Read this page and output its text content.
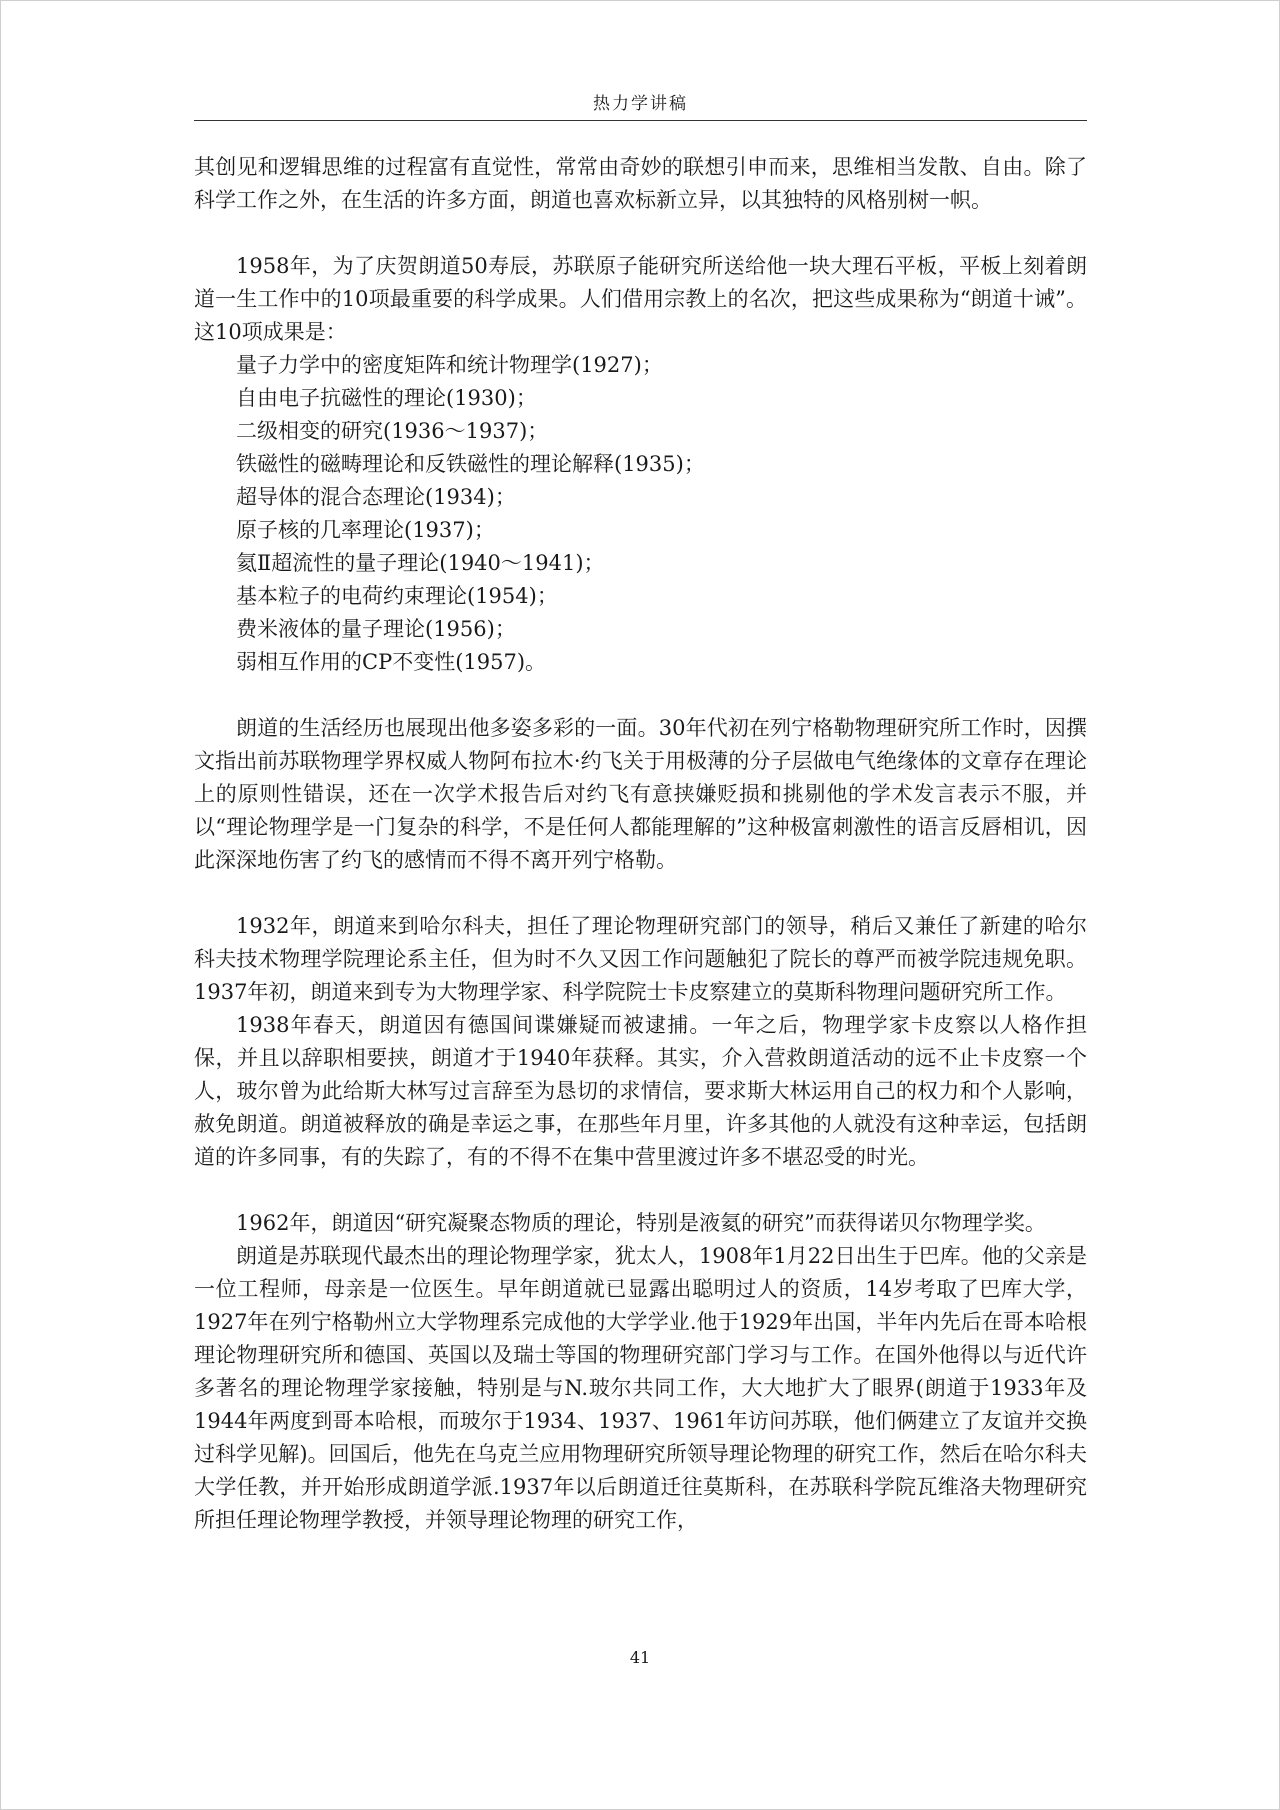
热力学讲稿

其创见和逻辑思维的过程富有直觉性，常常由奇妙的联想引申而来，思维相当发散、自由。除了科学工作之外，在生活的许多方面，朗道也喜欢标新立异，以其独特的风格别树一帜。

1958年，为了庆贺朗道50寿辰，苏联原子能研究所送给他一块大理石平板，平板上刻着朗道一生工作中的10项最重要的科学成果。人们借用宗教上的名次，把这些成果称为“朗道十诫”。这10项成果是：

量子力学中的密度矩阵和统计物理学(1927)；
自由电子抗磁性的理论(1930)；
二级相变的研究(1936～1937)；
铁磁性的磁畴理论和反铁磁性的理论解释(1935)；
超导体的混合态理论(1934)；
原子核的几率理论(1937)；
氦Ⅱ超流性的量子理论(1940～1941)；
基本粒子的电荷约束理论(1954)；
费米液体的量子理论(1956)；
弱相互作用的CP不变性(1957)。

朗道的生活经历也展现出他多姿多彩的一面。30年代初在列宁格勒物理研究所工作时，因撰文指出前苏联物理学界权威人物阿布拉木·约飞关于用极薄的分子层做电气绝缘体的文章存在理论上的原则性错误，还在一次学术报告后对约飞有意挟嫌贬损和挑剔他的学术发言表示不服，并以“理论物理学是一门复杂的科学，不是任何人都能理解的”这种极富刺激性的语言反唇相讥，因此深深地伤害了约飞的感情而不得不离开列宁格勒。

1932年，朗道来到哈尔科夫，担任了理论物理研究部门的领导，稍后又兼任了新建的哈尔科夫技术物理学院理论系主任，但为时不久又因工作问题触犯了院长的尊严而被学院违规免职。1937年初，朗道来到专为大物理学家、科学院院士卡皮察建立的莫斯科物理问题研究所工作。

1938年春天，朗道因有德国间谍嫌疑而被逮捕。一年之后，物理学家卡皮察以人格作担保，并且以辞职相要挟，朗道才于1940年获释。其实，介入营救朗道活动的远不止卡皮察一个人，玻尔曾为此给斯大林写过言辞至为恳切的求情信，要求斯大林运用自己的权力和个人影响，赦免朗道。朗道被释放的确是幸运之事，在那些年月里，许多其他的人就没有这种幸运，包括朗道的许多同事，有的失踪了，有的不得不在集中营里渡过许多不堪忍受的时光。

1962年，朗道因“研究凝聚态物质的理论，特别是液氦的研究”而获得诺贝尔物理学奖。

朗道是苏联现代最杰出的理论物理学家，犹太人，1908年1月22日出生于巴库。他的父亲是一位工程师，母亲是一位医生。早年朗道就已显露出聪明过人的资质，14岁考取了巴库大学，1927年在列宁格勒州立大学物理系完成他的大学学业.他于1929年出国，半年内先后在哥本哈根理论物理研究所和德国、英国以及瑞士等国的物理研究部门学习与工作。在国外他得以与近代许多著名的理论物理学家接触，特别是与N.玻尔共同工作，大大地扩大了眼界(朗道于1933年及1944年两度到哥本哈根，而玻尔于1934、1937、1961年访问苏联，他们俩建立了友谊并交换过科学见解)。回国后，他先在乌克兰应用物理研究所领导理论物理的研究工作，然后在哈尔科夫大学任教，并开始形成朗道学派.1937年以后朗道迁往莫斯科，在苏联科学院瓦维洛夫物理研究所担任理论物理学教授，并领导理论物理的研究工作，

41
